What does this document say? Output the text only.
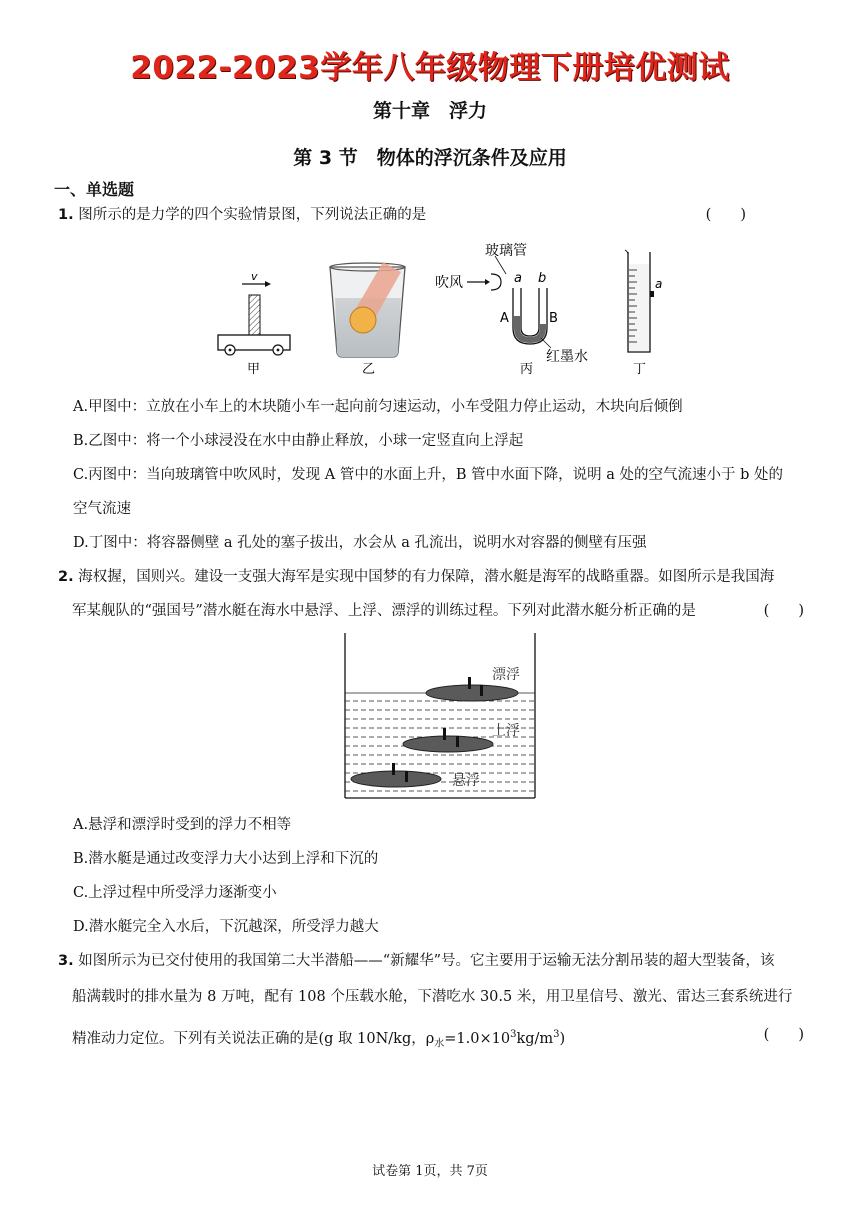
2022-2023学年八年级物理下册培优测试
第十章　浮力
第 3 节　物体的浮沉条件及应用
一、单选题
1. 图所示的是力学的四个实验情景图，下列说法正确的是	(　　)
v
甲	乙
玻璃管
吹风	a b
A	B
红墨水
丙
a
丁
A.甲图中：立放在小车上的木块随小车一起向前匀速运动，小车受阻力停止运动，木块向后倾倒
B.乙图中：将一个小球浸没在水中由静止释放，小球一定竖直向上浮起
C.丙图中：当向玻璃管中吹风时，发现 A 管中的水面上升，B 管中水面下降，说明 a 处的空气流速小于 b 处的
空气流速
D.丁图中：将容器侧壁 a 孔处的塞子拔出，水会从 a 孔流出，说明水对容器的侧壁有压强
2. 海权握，国则兴。建设一支强大海军是实现中国梦的有力保障，潜水艇是海军的战略重器。如图所示是我国海
军某舰队的“强国号”潜水艇在海水中悬浮、上浮、漂浮的训练过程。下列对此潜水艇分析正确的是	(　　)
漂浮
上浮
悬浮
A.悬浮和漂浮时受到的浮力不相等
B.潜水艇是通过改变浮力大小达到上浮和下沉的
C.上浮过程中所受浮力逐渐变小
D.潜水艇完全入水后，下沉越深，所受浮力越大
3. 如图所示为已交付使用的我国第二大半潜船——“新耀华”号。它主要用于运输无法分割吊装的超大型装备，该
船满载时的排水量为 8 万吨，配有 108 个压载水舱，下潜吃水 30.5 米，用卫星信号、激光、雷达三套系统进行
精准动力定位。下列有关说法正确的是(g 取 10N/kg，$\rho_水=1.0\times 10^3kg/m^3$)	(　　)
试卷第 1页，共 7页
